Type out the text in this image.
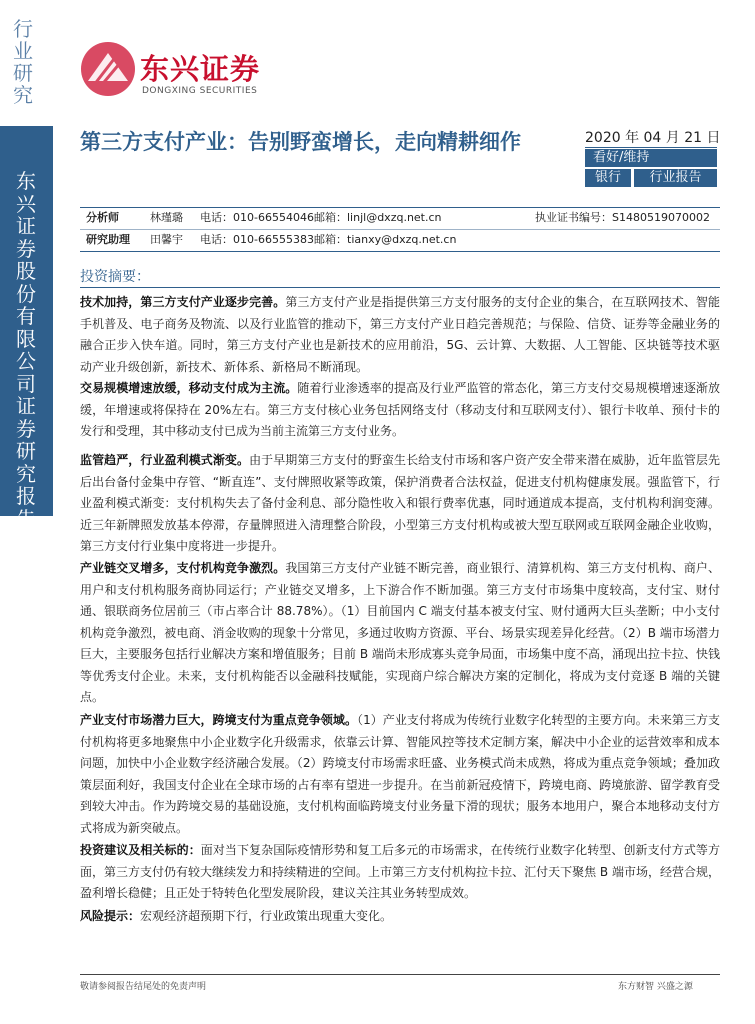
行业研究
东兴证券股份有限公司证券研究报告
东兴证券
DONGXING SECURITIES
第三方支付产业：告别野蛮增长，走向精耕细作	2020 年 04 月 21 日
看好/维持
银行	行业报告
分析师	林瑾璐 电话：010-66554046 邮箱：linjl@dxzq.net.cn	执业证书编号：S1480519070002
研究助理 田馨宇 电话：010-66555383 邮箱：tianxy@dxzq.net.cn
投资摘要：
技术加持，第三方支付产业逐步完善。第三方支付产业是指提供第三方支付服务的支付企业的集合，在互联网技术、智能手机普及、电子商务及物流、以及行业监管的推动下，第三方支付产业日趋完善规范；与保险、信贷、证券等金融业务的融合正步入快车道。同时，第三方支付产业也是新技术的应用前沿，5G、云计算、大数据、人工智能、区块链等技术驱动产业升级创新，新技术、新体系、新格局不断涌现。
交易规模增速放缓，移动支付成为主流。随着行业渗透率的提高及行业严监管的常态化，第三方支付交易规模增速逐渐放缓，年增速或将保持在 20%左右。第三方支付核心业务包括网络支付（移动支付和互联网支付）、银行卡收单、预付卡的发行和受理，其中移动支付已成为当前主流第三方支付业务。
监管趋严，行业盈利模式渐变。由于早期第三方支付的野蛮生长给支付市场和客户资产安全带来潜在威胁，近年监管层先后出台备付金集中存管、“断直连”、支付牌照收紧等政策，保护消费者合法权益，促进支付机构健康发展。强监管下，行业盈利模式渐变：支付机构失去了备付金利息、部分隐性收入和银行费率优惠，同时通道成本提高，支付机构利润变薄。近三年新牌照发放基本停滞，存量牌照进入清理整合阶段，小型第三方支付机构或被大型互联网或互联网金融企业收购，第三方支付行业集中度将进一步提升。
产业链交叉增多，支付机构竞争激烈。我国第三方支付产业链不断完善，商业银行、清算机构、第三方支付机构、商户、用户和支付机构服务商协同运行；产业链交叉增多，上下游合作不断加强。第三方支付市场集中度较高，支付宝、财付通、银联商务位居前三（市占率合计 88.78%）。（1）目前国内 C 端支付基本被支付宝、财付通两大巨头垄断；中小支付机构竞争激烈，被电商、消金收购的现象十分常见，多通过收购方资源、平台、场景实现差异化经营。（2）B 端市场潜力巨大，主要服务包括行业解决方案和增值服务；目前 B 端尚未形成寡头竞争局面，市场集中度不高，涌现出拉卡拉、快钱等优秀支付企业。未来，支付机构能否以金融科技赋能，实现商户综合解决方案的定制化，将成为支付竞逐 B 端的关键点。
产业支付市场潜力巨大，跨境支付为重点竞争领域。（1）产业支付将成为传统行业数字化转型的主要方向。未来第三方支付机构将更多地聚焦中小企业数字化升级需求，依靠云计算、智能风控等技术定制方案，解决中小企业的运营效率和成本问题，加快中小企业数字经济融合发展。（2）跨境支付市场需求旺盛、业务模式尚未成熟，将成为重点竞争领域；叠加政策层面利好，我国支付企业在全球市场的占有率有望进一步提升。在当前新冠疫情下，跨境电商、跨境旅游、留学教育受到较大冲击。作为跨境交易的基础设施，支付机构面临跨境支付业务量下滑的现状；服务本地用户，聚合本地移动支付方式将成为新突破点。
投资建议及相关标的：面对当下复杂国际疫情形势和复工后多元的市场需求，在传统行业数字化转型、创新支付方式等方面，第三方支付仍有较大继续发力和持续精进的空间。上市第三方支付机构拉卡拉、汇付天下聚焦 B 端市场，经营合规，盈利增长稳健；且正处于特转色化型发展阶段，建议关注其业务转型成效。
风险提示：宏观经济超预期下行，行业政策出现重大变化。
敬请参阅报告结尾处的免责声明	东方财智 兴盛之源
